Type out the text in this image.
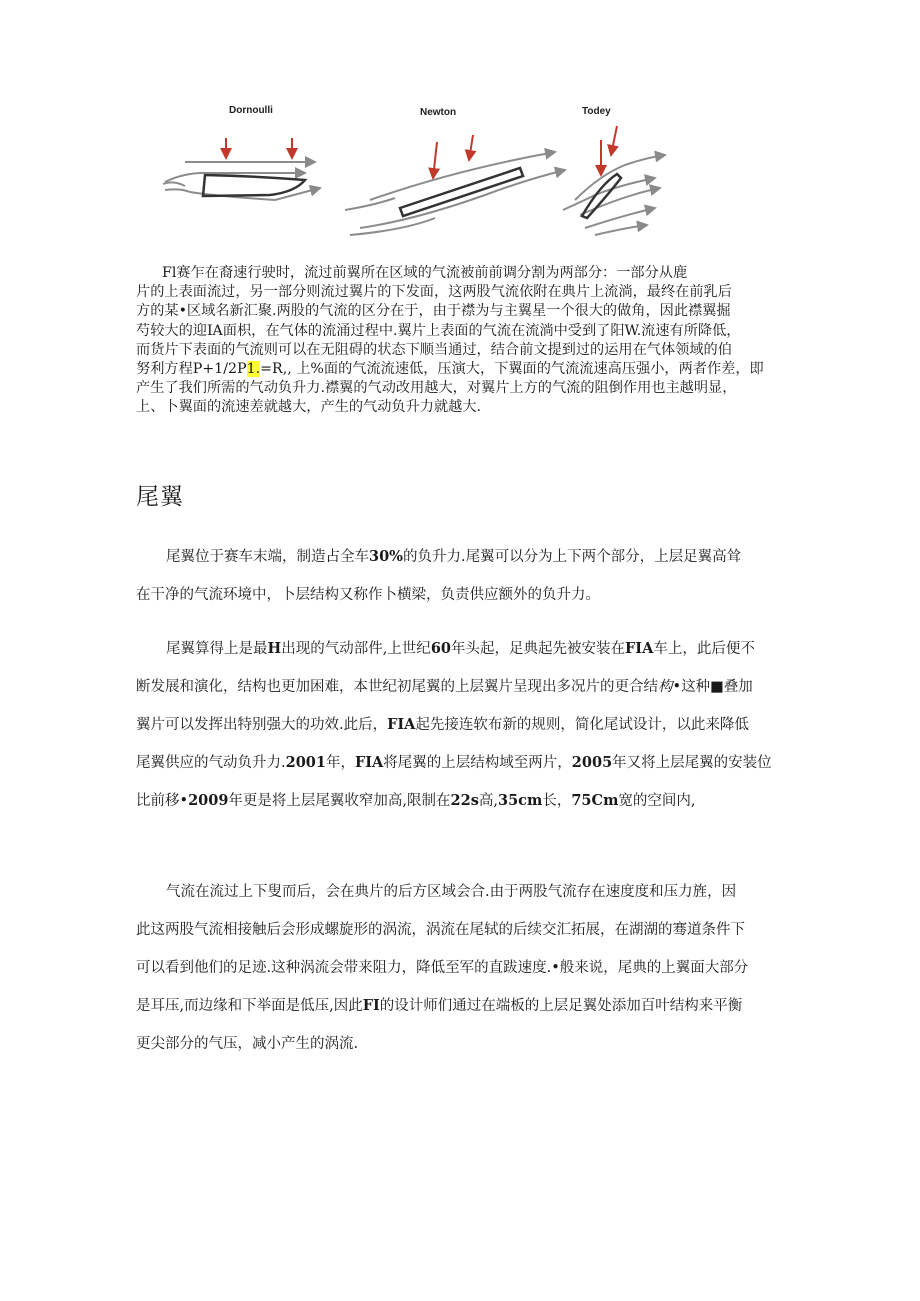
Dornoulli	Newton	Todey
Fl赛乍在裔速行驶时，流过前翼所在区域的气流被前前调分割为两部分：一部分从鹿
片的上表面流过，另一部分则流过翼片的下发面，这两股气流依附在典片上流淌，最终在前乳后
方的某•区域名新汇聚.两股的气流的区分在于，由于襟为与主翼星一个很大的做角，因此襟翼掘
芍较大的迎IA面枳，在气体的流涌过程中.翼片上表面的气流在流淌中受到了阳W.流速有所降低，
而货片下表面的气流则可以在无阻碍的状态下顺当通过，结合前文提到过的运用在气体领域的伯
努利方程P+1/2P1.=R,, 上%面的气流流速低，压演大，下翼面的气流流速高压强小，两者作差，即
产生了我们所需的气动负升力.襟翼的气动改用越大，对翼片上方的气流的阻倒作用也主越明显，
上、卜翼面的流速差就越大，产生的气动负升力就越大.
尾翼
尾翼位于赛车末端，制造占全车30%的负升力.尾翼可以分为上下两个部分，上层足翼高耸
在干净的气流环境中，卜层结构又称作卜横梁，负责供应额外的负升力。
尾翼算得上是最H出现的气动部件,上世纪60年头起，足典起先被安装在FIA车上，此后便不
断发展和演化，结构也更加困难，本世纪初尾翼的上层翼片呈现出多况片的更合结构•这种■叠加
翼片可以发挥出特别强大的功效.此后，FIA起先接连软布新的规则，简化尾试设计，以此来降低
尾翼供应的气动负升力.2001年，FIA将尾翼的上层结构域至两片，2005年又将上层尾翼的安装位
比前移•2009年更是将上层尾翼收窄加高,限制在22s高,35cm长，75Cm宽的空间内,
气流在流过上下叟而后，会在典片的后方区域会合.由于两股气流存在速度度和压力旌，因
此这两股气流相接触后会形成螺旋形的涡流，涡流在尾轼的后续交汇拓展，在湖湖的骞道条件下
可以看到他们的足迹.这种涡流会带来阻力，降低至军的直跋速度.•般来说，尾典的上翼面大部分
是耳压,而边缘和下举面是低压,因此FI的设计师们通过在端板的上层足翼处添加百叶结构来平衡
更尖部分的气压，减小产生的涡流.
